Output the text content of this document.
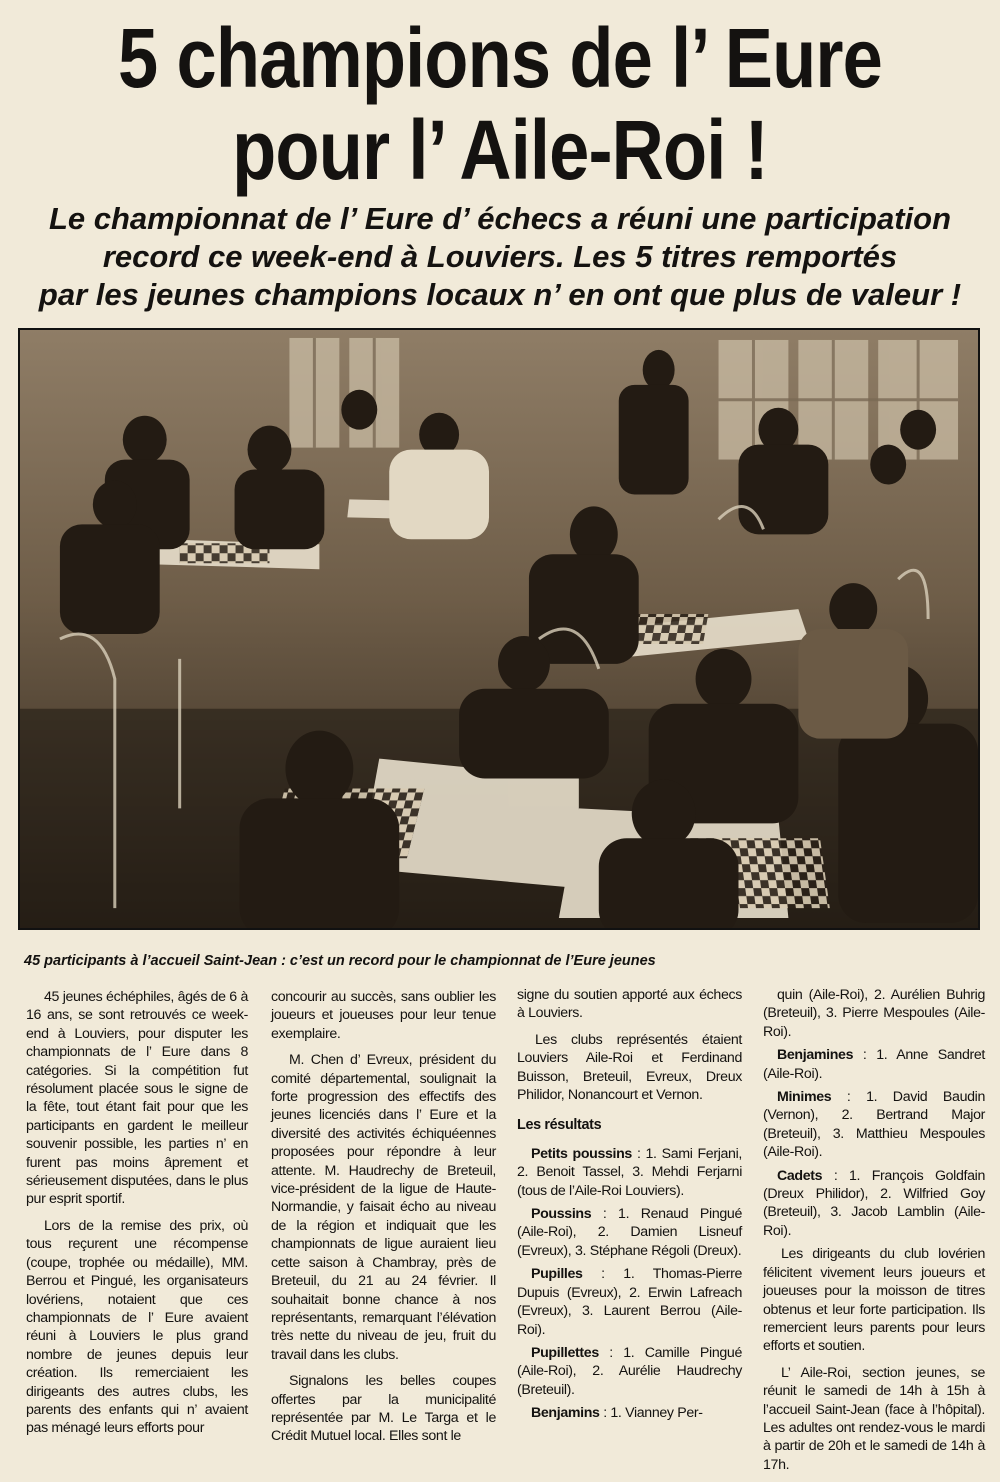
5 champions de l’ Eure
pour l’ Aile-Roi !
Le championnat de l’ Eure d’ échecs a réuni une participation
record ce week-end à Louviers. Les 5 titres remportés
par les jeunes champions locaux n’ en ont que plus de valeur !

45 participants à l’accueil Saint-Jean : c’est un record pour le championnat de l’Eure jeunes

45 jeunes échéphiles, âgés de 6 à 16 ans, se sont retrouvés ce week-end à Louviers, pour disputer les championnats de l’ Eure dans 8 catégories. Si la compétition fut résolument placée sous le signe de la fête, tout étant fait pour que les participants en gardent le meilleur souvenir possible, les parties n’ en furent pas moins âprement et sérieusement disputées, dans le plus pur esprit sportif.

Lors de la remise des prix, où tous reçurent une récompense (coupe, trophée ou médaille), MM. Berrou et Pingué, les organisateurs lovériens, notaient que ces championnats de l’ Eure avaient réuni à Louviers le plus grand nombre de jeunes depuis leur création. Ils remerciaient les dirigeants des autres clubs, les parents des enfants qui n’ avaient pas ménagé leurs efforts pour

concourir au succès, sans oublier les joueurs et joueuses pour leur tenue exemplaire.

M. Chen d’ Evreux, président du comité départemental, soulignait la forte progression des effectifs des jeunes licenciés dans l’ Eure et la diversité des activités échiquéennes proposées pour répondre à leur attente. M. Haudrechy de Breteuil, vice-président de la ligue de Haute-Normandie, y faisait écho au niveau de la région et indiquait que les championnats de ligue auraient lieu cette saison à Chambray, près de Breteuil, du 21 au 24 février. Il souhaitait bonne chance à nos représentants, remarquant l’élévation très nette du niveau de jeu, fruit du travail dans les clubs.

Signalons les belles coupes offertes par la municipalité représentée par M. Le Targa et le Crédit Mutuel local. Elles sont le

signe du soutien apporté aux échecs à Louviers.

Les clubs représentés étaient Louviers Aile-Roi et Ferdinand Buisson, Breteuil, Evreux, Dreux Philidor, Nonancourt et Vernon.

Les résultats

Petits poussins : 1. Sami Ferjani, 2. Benoit Tassel, 3. Mehdi Ferjarni (tous de l’Aile-Roi Louviers).

Poussins : 1. Renaud Pingué (Aile-Roi), 2. Damien Lisneuf (Evreux), 3. Stéphane Régoli (Dreux).

Pupilles : 1. Thomas-Pierre Dupuis (Evreux), 2. Erwin Lafreach (Evreux), 3. Laurent Berrou (Aile-Roi).

Pupillettes : 1. Camille Pingué (Aile-Roi), 2. Aurélie Haudrechy (Breteuil).

Benjamins : 1. Vianney Per-

quin (Aile-Roi), 2. Aurélien Buhrig (Breteuil), 3. Pierre Mespoules (Aile-Roi).

Benjamines : 1. Anne Sandret (Aile-Roi).

Minimes : 1. David Baudin (Vernon), 2. Bertrand Major (Breteuil), 3. Matthieu Mespoules (Aile-Roi).

Cadets : 1. François Goldfain (Dreux Philidor), 2. Wilfried Goy (Breteuil), 3. Jacob Lamblin (Aile-Roi).

Les dirigeants du club lovérien félicitent vivement leurs joueurs et joueuses pour la moisson de titres obtenus et leur forte participation. Ils remercient leurs parents pour leurs efforts et soutien.

L’ Aile-Roi, section jeunes, se réunit le samedi de 14h à 15h à l’accueil Saint-Jean (face à l’hôpital). Les adultes ont rendez-vous le mardi à partir de 20h et le samedi de 14h à 17h.
